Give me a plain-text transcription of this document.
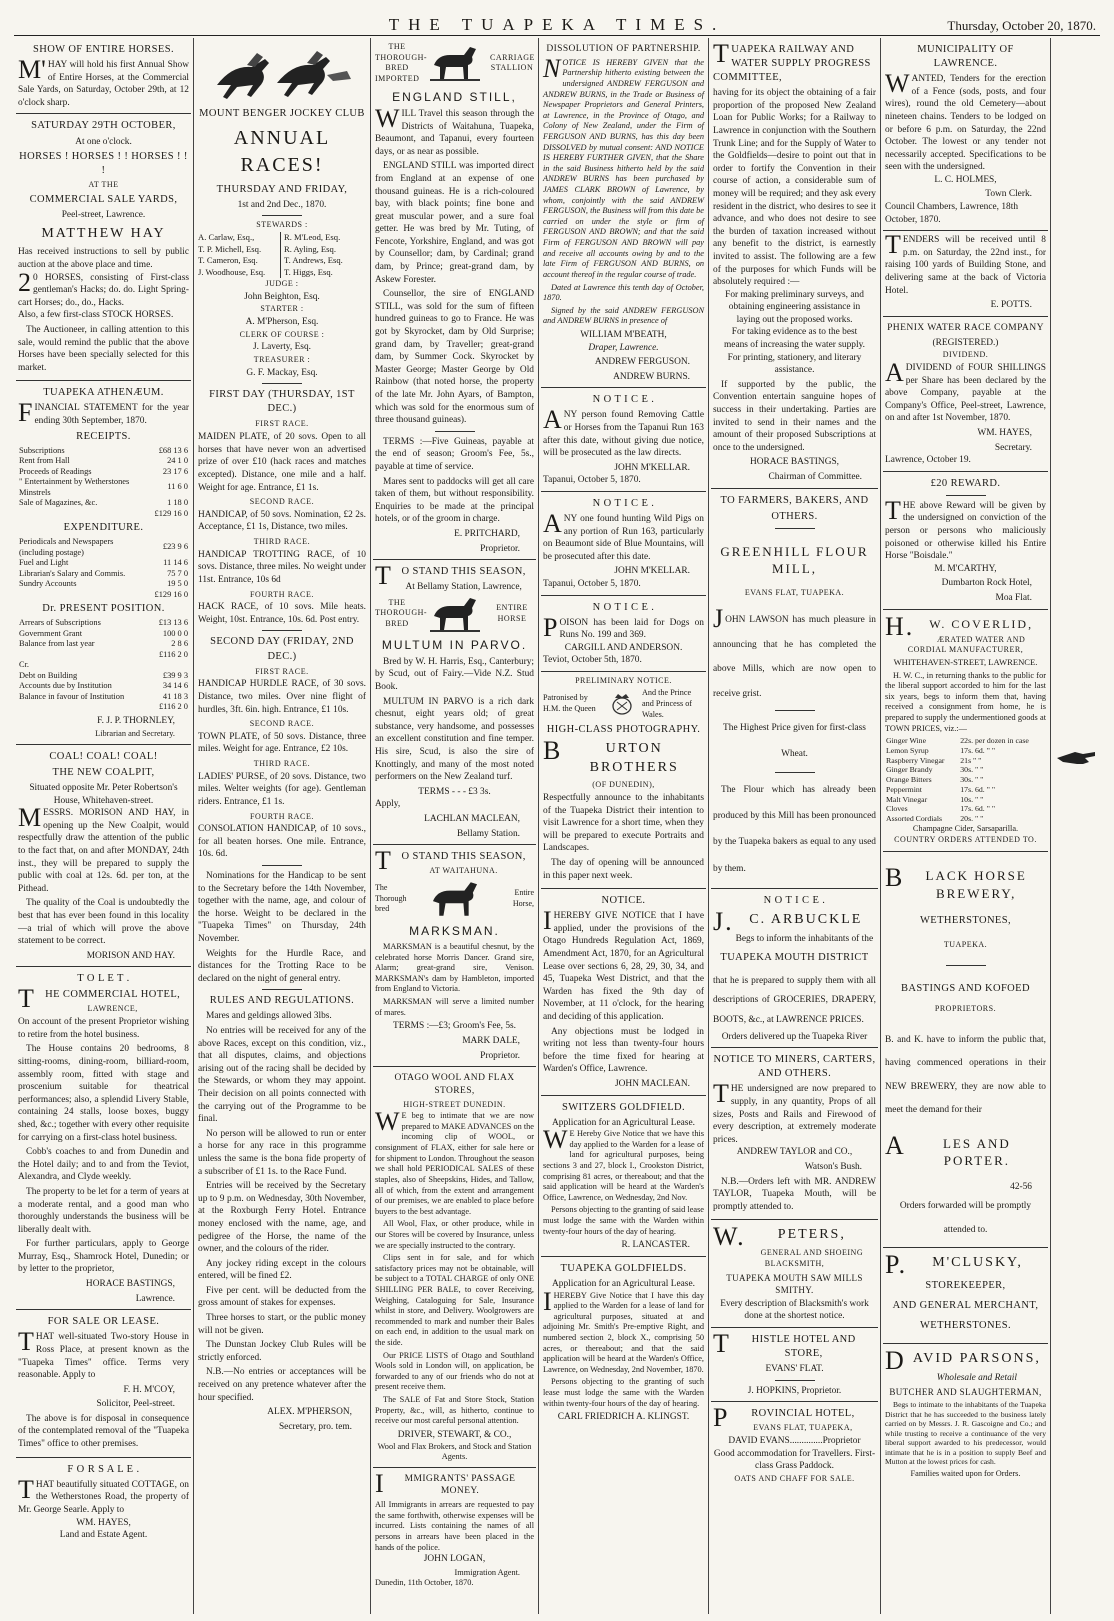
THE TUAPEKA TIMES.	Thursday, October 20, 1870.
SHOW OF ENTIRE HORSES.
M'HAY will hold his first Annual Show of Entire Horses, at the Commercial Sale Yards, on Saturday, October 29th, at 12 o'clock sharp.
SATURDAY 29TH OCTOBER,
At one o'clock.
HORSES ! HORSES ! ! HORSES ! ! !
AT THE
COMMERCIAL SALE YARDS,
Peel-street, Lawrence.
MATTHEW HAY
Has received instructions to sell by public auction at the above place and time.
20 HORSES, consisting of First-class gentleman's Hacks; do. do. Light Spring-cart Horses; do., do., Hacks.
Also, a few first-class STOCK HORSES.
The Auctioneer, in calling attention to this sale, would remind the public that the above Horses have been specially selected for this market.
TUAPEKA ATHENÆUM.
FINANCIAL STATEMENT for the year ending 30th September, 1870.
RECEIPTS.
Subscriptions	£68 13 6
Rent from Hall	24 1 0
Proceeds of Readings	23 17 6
" Entertainment by Wetherstones Minstrels	11 6 0
Sale of Magazines, &c.	1 18 0
	£129 16 0
EXPENDITURE.
Periodicals and Newspapers (including postage)	£23 9 6
Fuel and Light	11 14 6
Librarian's Salary and Commis.	75 7 0
Sundry Accounts	19 5 0
	£129 16 0
Dr. PRESENT POSITION.
Arrears of Subscriptions	£13 13 6
Government Grant	100 0 0
Balance from last year	2 8 6
	£116 2 0
Cr.	
Debt on Building	£39 9 3
Accounts due by Institution	34 14 6
Balance in favour of Institution	41 18 3
	£116 2 0
F. J. P. THORNLEY,
Librarian and Secretary.
COAL! COAL! COAL!
THE NEW COALPIT,
Situated opposite Mr. Peter Robertson's House, Whitehaven-street.
MESSRS. MORISON AND HAY, in opening up the New Coalpit, would respectfully draw the attention of the public to the fact that, on and after MONDAY, 24th inst., they will be prepared to supply the public with coal at 12s. 6d. per ton, at the Pithead.
The quality of the Coal is undoubtedly the best that has ever been found in this locality—a trial of which will prove the above statement to be correct.
MORISON AND HAY.
T O L E T .
THE COMMERCIAL HOTEL,
LAWRENCE,
On account of the present Proprietor wishing to retire from the hotel business.
The House contains 20 bedrooms, 8 sitting-rooms, dining-room, billiard-room, assembly room, fitted with stage and proscenium suitable for theatrical performances; also, a splendid Livery Stable, containing 24 stalls, loose boxes, buggy shed, &c.; together with every other requisite for carrying on a first-class hotel business.
Cobb's coaches to and from Dunedin and the Hotel daily; and to and from the Teviot, Alexandra, and Clyde weekly.
The property to be let for a term of years at a moderate rental, and a good man who thoroughly understands the business will be liberally dealt with.
For further particulars, apply to George Murray, Esq., Shamrock Hotel, Dunedin; or by letter to the proprietor,
HORACE BASTINGS,
Lawrence.
FOR SALE OR LEASE.
THAT well-situated Two-story House in Ross Place, at present known as the "Tuapeka Times" office. Terms very reasonable. Apply to
F. H. M'COY,
Solicitor, Peel-street.
The above is for disposal in consequence of the contemplated removal of the "Tuapeka Times" office to other premises.
F O R S A L E .
THAT beautifully situated COTTAGE, on the Wetherstones Road, the property of Mr. George Searle. Apply to
WM. HAYES,
Land and Estate Agent.
MOUNT BENGER JOCKEY CLUB
ANNUAL RACES!
THURSDAY AND FRIDAY,
1st and 2nd Dec., 1870.
STEWARDS :
A. Carlaw, Esq.,
T. P. Michell, Esq.
T. Cameron, Esq.
J. Woodhouse, Esq.
R. M'Leod, Esq.
R. Ayling, Esq.
T. Andrews, Esq.
T. Higgs, Esq.
JUDGE :
John Beighton, Esq.
STARTER :
A. M'Pherson, Esq.
CLERK OF COURSE :
J. Laverty, Esq.
TREASURER :
G. F. Mackay, Esq.
FIRST DAY (THURSDAY, 1ST DEC.)
FIRST RACE.
MAIDEN PLATE, of 20 sovs. Open to all horses that have never won an advertised prize of over £10 (hack races and matches excepted). Distance, one mile and a half. Weight for age. Entrance, £1 1s.
SECOND RACE.
HANDICAP, of 50 sovs. Nomination, £2 2s. Acceptance, £1 1s, Distance, two miles.
THIRD RACE.
HANDICAP TROTTING RACE, of 10 sovs. Distance, three miles. No weight under 11st. Entrance, 10s 6d
FOURTH RACE.
HACK RACE, of 10 sovs. Mile heats. Weight, 10st. Entrance, 10s. 6d. Post entry.
SECOND DAY (FRIDAY, 2ND DEC.)
FIRST RACE.
HANDICAP HURDLE RACE, of 30 sovs. Distance, two miles. Over nine flight of hurdles, 3ft. 6in. high. Entrance, £1 10s.
SECOND RACE.
TOWN PLATE, of 50 sovs. Distance, three miles. Weight for age. Entrance, £2 10s.
THIRD RACE.
LADIES' PURSE, of 20 sovs. Distance, two miles. Welter weights (for age). Gentleman riders. Entrance, £1 1s.
FOURTH RACE.
CONSOLATION HANDICAP, of 10 sovs., for all beaten horses. One mile. Entrance, 10s. 6d.
Nominations for the Handicap to be sent to the Secretary before the 14th November, together with the name, age, and colour of the horse. Weight to be declared in the "Tuapeka Times" on Thursday, 24th November.
Weights for the Hurdle Race, and distances for the Trotting Race to be declared on the night of general entry.
RULES AND REGULATIONS.
Mares and geldings allowed 3lbs.
No entries will be received for any of the above Races, except on this condition, viz., that all disputes, claims, and objections arising out of the racing shall be decided by the Stewards, or whom they may appoint. Their decision on all points connected with the carrying out of the Programme to be final.
No person will be allowed to run or enter a horse for any race in this programme unless the same is the bona fide property of a subscriber of £1 1s. to the Race Fund.
Entries will be received by the Secretary up to 9 p.m. on Wednesday, 30th November, at the Roxburgh Ferry Hotel. Entrance money enclosed with the name, age, and pedigree of the Horse, the name of the owner, and the colours of the rider.
Any jockey riding except in the colours entered, will be fined £2.
Five per cent. will be deducted from the gross amount of stakes for expenses.
Three horses to start, or the public money will not be given.
The Dunstan Jockey Club Rules will be strictly enforced.
N.B.—No entries or acceptances will be received on any pretence whatever after the hour specified.
ALEX. M'PHERSON,
Secretary, pro. tem.
THE THOROUGH-BRED IMPORTED
CARRIAGE STALLION
ENGLAND STILL,
WILL Travel this season through the Districts of Waitahuna, Tuapeka, Beaumont, and Tapanui, every fourteen days, or as near as possible.
ENGLAND STILL was imported direct from England at an expense of one thousand guineas. He is a rich-coloured bay, with black points; fine bone and great muscular power, and a sure foal getter. He was bred by Mr. Tuting, of Fencote, Yorkshire, England, and was got by Counsellor; dam, by Cardinal; grand dam, by Prince; great-grand dam, by Askew Forester.
Counsellor, the sire of ENGLAND STILL, was sold for the sum of fifteen hundred guineas to go to France. He was got by Skyrocket, dam by Old Surprise; grand dam, by Traveller; great-grand dam, by Summer Cock. Skyrocket by Master George; Master George by Old Rainbow (that noted horse, the property of the late Mr. John Ayars, of Bampton, which was sold for the enormous sum of three thousand guineas).
TERMS :—Five Guineas, payable at the end of season; Groom's Fee, 5s., payable at time of service.
Mares sent to paddocks will get all care taken of them, but without responsibility. Enquiries to be made at the principal hotels, or of the groom in charge.
E. PRITCHARD,
Proprietor.
TO STAND THIS SEASON,
At Bellamy Station, Lawrence,
THE THOROUGH-BRED
ENTIRE HORSE
MULTUM IN PARVO.
Bred by W. H. Harris, Esq., Canterbury; by Scud, out of Fairy.—Vide N.Z. Stud Book.
MULTUM IN PARVO is a rich dark chesnut, eight years old; of great substance, very handsome, and possesses an excellent constitution and fine temper. His sire, Scud, is also the sire of Knottingly, and many of the most noted performers on the New Zealand turf.
TERMS - - - £3 3s.
Apply,
LACHLAN MACLEAN,
Bellamy Station.
TO STAND THIS SEASON,
AT WAITAHUNA.
The Thorough bred
Entire Horse,
MARKSMAN.
MARKSMAN is a beautiful chesnut, by the celebrated horse Morris Dancer. Grand sire, Alarm; great-grand sire, Venison. MARKSMAN's dam by Hambleton, imported from England to Victoria.
MARKSMAN will serve a limited number of mares.
TERMS :—£3; Groom's Fee, 5s.
MARK DALE,
Proprietor.
OTAGO WOOL AND FLAX STORES,
HIGH-STREET DUNEDIN.
WE beg to intimate that we are now prepared to MAKE ADVANCES on the incoming clip of WOOL, or consignment of FLAX, either for sale here or for shipment to London. Throughout the season we shall hold PERIODICAL SALES of these staples, also of Sheepskins, Hides, and Tallow, all of which, from the extent and arrangement of our premises, we are enabled to place before buyers to the best advantage.
All Wool, Flax, or other produce, while in our Stores will be covered by Insurance, unless we are specially instructed to the contrary.
Clips sent in for sale, and for which satisfactory prices may not be obtainable, will be subject to a TOTAL CHARGE of only ONE SHILLING PER BALE, to cover Receiving, Weighing, Cataloguing for Sale, Insurance whilst in store, and Delivery. Woolgrowers are recommended to mark and number their Bales on each end, in addition to the usual mark on the side.
Our PRICE LISTS of Otago and Southland Wools sold in London will, on application, be forwarded to any of our friends who do not at present receive them.
The SALE of Fat and Store Stock, Station Property, &c., will, as hitherto, continue to receive our most careful personal attention.
DRIVER, STEWART, & CO.,
Wool and Flax Brokers, and Stock and Station Agents.
IMMIGRANTS' PASSAGE MONEY.
All Immigrants in arrears are requested to pay the same forthwith, otherwise expenses will be incurred. Lists containing the names of all persons in arrears have been placed in the hands of the police.
JOHN LOGAN,
Immigration Agent.
Dunedin, 11th October, 1870.
DISSOLUTION OF PARTNERSHIP.
NOTICE IS HEREBY GIVEN that the Partnership hitherto existing between the undersigned ANDREW FERGUSON and ANDREW BURNS, in the Trade or Business of Newspaper Proprietors and General Printers, at Lawrence, in the Province of Otago, and Colony of New Zealand, under the Firm of FERGUSON AND BURNS, has this day been DISSOLVED by mutual consent: AND NOTICE IS HEREBY FURTHER GIVEN, that the Share in the said Business hitherto held by the said ANDREW BURNS has been purchased by JAMES CLARK BROWN of Lawrence, by whom, conjointly with the said ANDREW FERGUSON, the Business will from this date be carried on under the style or firm of FERGUSON AND BROWN; and that the said Firm of FERGUSON AND BROWN will pay and receive all accounts owing by and to the late Firm of FERGUSON AND BURNS, on account thereof in the regular course of trade.
Dated at Lawrence this tenth day of October, 1870.
Signed by the said ANDREW FERGUSON and ANDREW BURNS in presence of
WILLIAM M'BEATH,
Draper, Lawrence.
ANDREW FERGUSON.
ANDREW BURNS.
N O T I C E .
ANY person found Removing Cattle or Horses from the Tapanui Run 163 after this date, without giving due notice, will be prosecuted as the law directs.
JOHN M'KELLAR.
Tapanui, October 5, 1870.
N O T I C E .
ANY one found hunting Wild Pigs on any portion of Run 163, particularly on Beaumont side of Blue Mountains, will be prosecuted after this date.
JOHN M'KELLAR.
Tapanui, October 5, 1870.
N O T I C E .
POISON has been laid for Dogs on Runs No. 199 and 369.
CARGILL AND ANDERSON.
Teviot, October 5th, 1870.
PRELIMINARY NOTICE.
Patronised by H.M. the Queen
And the Prince and Princess of Wales.
HIGH-CLASS PHOTOGRAPHY.
BURTON BROTHERS
(OF DUNEDIN),
Respectfully announce to the inhabitants of the Tuapeka District their intention to visit Lawrence for a short time, when they will be prepared to execute Portraits and Landscapes.
The day of opening will be announced in this paper next week.
NOTICE.
IHEREBY GIVE NOTICE that I have applied, under the provisions of the Otago Hundreds Regulation Act, 1869, Amendment Act, 1870, for an Agricultural Lease over sections 6, 28, 29, 30, 34, and 45, Tuapeka West District, and that the Warden has fixed the 9th day of November, at 11 o'clock, for the hearing and deciding of this application.
Any objections must be lodged in writing not less than twenty-four hours before the time fixed for hearing at Warden's Office, Lawrence.
JOHN MACLEAN.
SWITZERS GOLDFIELD.
Application for an Agricultural Lease.
WE Hereby Give Notice that we have this day applied to the Warden for a lease of land for agricultural purposes, being sections 3 and 27, block I., Crookston District, comprising 81 acres, or thereabout; and that the said application will be heard at the Warden's Office, Lawrence, on Wednesday, 2nd Nov.
Persons objecting to the granting of said lease must lodge the same with the Warden within twenty-four hours of the day of hearing.
R. LANCASTER.
TUAPEKA GOLDFIELDS.
Application for an Agricultural Lease.
IHEREBY Give Notice that I have this day applied to the Warden for a lease of land for agricultural purposes, situated at and adjoining Mr. Smith's Pre-emptive Right, and numbered section 2, block X., comprising 50 acres, or thereabout; and that the said application will be heard at the Warden's Office, Lawrence, on Wednesday, 2nd November, 1870.
Persons objecting to the granting of such lease must lodge the same with the Warden within twenty-four hours of the day of hearing.
CARL FRIEDRICH A. KLINGST.
TUAPEKA RAILWAY AND WATER SUPPLY PROGRESS COMMITTEE,
having for its object the obtaining of a fair proportion of the proposed New Zealand Loan for Public Works; for a Railway to Lawrence in conjunction with the Southern Trunk Line; and for the Supply of Water to the Goldfields—desire to point out that in order to fortify the Convention in their course of action, a considerable sum of money will be required; and they ask every resident in the district, who desires to see it advance, and who does not desire to see the burden of taxation increased without any benefit to the district, is earnestly invited to assist. The following are a few of the purposes for which Funds will be absolutely required :—
For making preliminary surveys, and obtaining engineering assistance in laying out the proposed works.
For taking evidence as to the best means of increasing the water supply.
For printing, stationery, and literary assistance.
If supported by the public, the Convention entertain sanguine hopes of success in their undertaking. Parties are invited to send in their names and the amount of their proposed Subscriptions at once to the undersigned.
HORACE BASTINGS,
Chairman of Committee.
TO FARMERS, BAKERS, AND
OTHERS.
GREENHILL FLOUR MILL,
EVANS FLAT, TUAPEKA.
JOHN LAWSON has much pleasure in announcing that he has completed the above Mills, which are now open to receive grist.
The Highest Price given for first-class Wheat.
The Flour which has already been produced by this Mill has been pronounced by the Tuapeka bakers as equal to any used by them.
N O T I C E .
J.C. ARBUCKLE
Begs to inform the inhabitants of the
TUAPEKA MOUTH DISTRICT
that he is prepared to supply them with all descriptions of GROCERIES, DRAPERY, BOOTS, &c., at LAWRENCE PRICES.
Orders delivered up the Tuapeka River
NOTICE TO MINERS, CARTERS, AND OTHERS.
THE undersigned are now prepared to supply, in any quantity, Props of all sizes, Posts and Rails and Firewood of every description, at extremely moderate prices.
ANDREW TAYLOR and CO.,
Watson's Bush.
N.B.—Orders left with MR. ANDREW TAYLOR, Tuapeka Mouth, will be promptly attended to.
W.PETERS,
GENERAL AND SHOEING BLACKSMITH,
TUAPEKA MOUTH SAW MILLS SMITHY.
Every description of Blacksmith's work done at the shortest notice.
THISTLE HOTEL AND STORE,
EVANS' FLAT.
J. HOPKINS, Proprietor.
PROVINCIAL HOTEL,
EVANS FLAT, TUAPEKA,
DAVID EVANS..............Proprietor
Good accommodation for Travellers. First-class Grass Paddock.
OATS AND CHAFF FOR SALE.
MUNICIPALITY OF LAWRENCE.
WANTED, Tenders for the erection of a Fence (sods, posts, and four wires), round the old Cemetery—about nineteen chains. Tenders to be lodged on or before 6 p.m. on Saturday, the 22nd October. The lowest or any tender not necessarily accepted. Specifications to be seen with the undersigned.
L. C. HOLMES,
Town Clerk.
Council Chambers, Lawrence, 18th October, 1870.
TENDERS will be received until 8 p.m. on Saturday, the 22nd inst., for raising 100 yards of Building Stone, and delivering same at the back of Victoria Hotel.
E. POTTS.
PHENIX WATER RACE COMPANY
(REGISTERED.)
DIVIDEND.
ADIVIDEND of FOUR SHILLINGS per Share has been declared by the above Company, payable at the Company's Office, Peel-street, Lawrence, on and after 1st November, 1870.
WM. HAYES,
Secretary.
Lawrence, October 19.
£20 REWARD.
THE above Reward will be given by the undersigned on conviction of the person or persons who maliciously poisoned or otherwise killed his Entire Horse "Boisdale."
M. M'CARTHY,
Dumbarton Rock Hotel,
Moa Flat.
H.W. COVERLID,
ÆRATED WATER AND CORDIAL MANUFACTURER,
WHITEHAVEN-STREET, LAWRENCE.
H. W. C., in returning thanks to the public for the liberal support accorded to him for the last six years, begs to inform them that, having received a consignment from home, he is prepared to supply the undermentioned goods at TOWN PRICES, viz.:—
Ginger Wine	22s. per dozen in case
Lemon Syrup	17s. 6d. " "
Raspberry Vinegar	21s " "
Ginger Brandy	30s. " "
Orange Bitters	30s. " "
Peppermint	17s. 6d. " "
Malt Vinegar	10s. " "
Cloves	17s. 6d. " "
Assorted Cordials	20s. " "
Champagne Cider, Sarsaparilla.
COUNTRY ORDERS ATTENDED TO.
BLACK HORSE BREWERY,
WETHERSTONES,
TUAPEKA.
BASTINGS AND KOFOED
PROPRIETORS.
B. and K. have to inform the public that, having commenced operations in their NEW BREWERY, they are now able to meet the demand for their
ALES AND PORTER.
42-56
Orders forwarded will be promptly attended to.
P.M'CLUSKY,
STOREKEEPER,
AND GENERAL MERCHANT,
WETHERSTONES.
DAVID PARSONS,
Wholesale and Retail
BUTCHER AND SLAUGHTERMAN,
Begs to intimate to the inhabitants of the Tuapeka District that he has succeeded to the business lately carried on by Messrs. J. R. Gascoigne and Co.; and while trusting to receive a continuance of the very liberal support awarded to his predecessor, would intimate that he is in a position to supply Beef and Mutton at the lowest prices for cash.
Families waited upon for Orders.
